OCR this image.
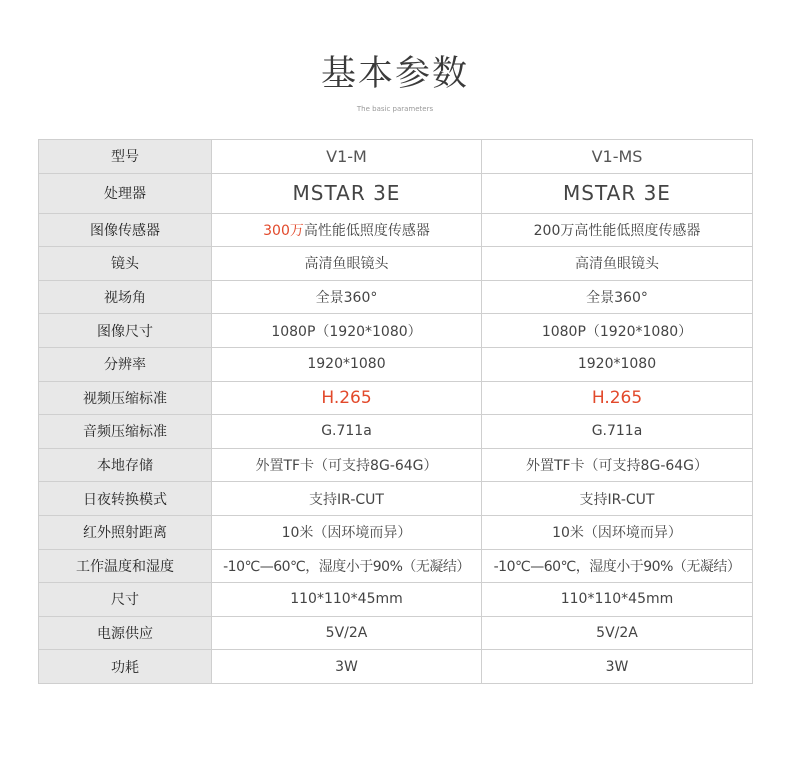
基本参数
The basic parameters
型号	V1-M	V1-MS
处理器	MSTAR 3E	MSTAR 3E
图像传感器	300万高性能低照度传感器	200万高性能低照度传感器
镜头	高清鱼眼镜头	高清鱼眼镜头
视场角	全景360°	全景360°
图像尺寸	1080P（1920*1080）	1080P（1920*1080）
分辨率	1920*1080	1920*1080
视频压缩标准	H.265	H.265
音频压缩标准	G.711a	G.711a
本地存储	外置TF卡（可支持8G-64G）	外置TF卡（可支持8G-64G）
日夜转换模式	支持IR-CUT	支持IR-CUT
红外照射距离	10米（因环境而异）	10米（因环境而异）
工作温度和湿度	-10℃—60℃，湿度小于90%（无凝结）	-10℃—60℃，湿度小于90%（无凝结）
尺寸	110*110*45mm	110*110*45mm
电源供应	5V/2A	5V/2A
功耗	3W	3W
